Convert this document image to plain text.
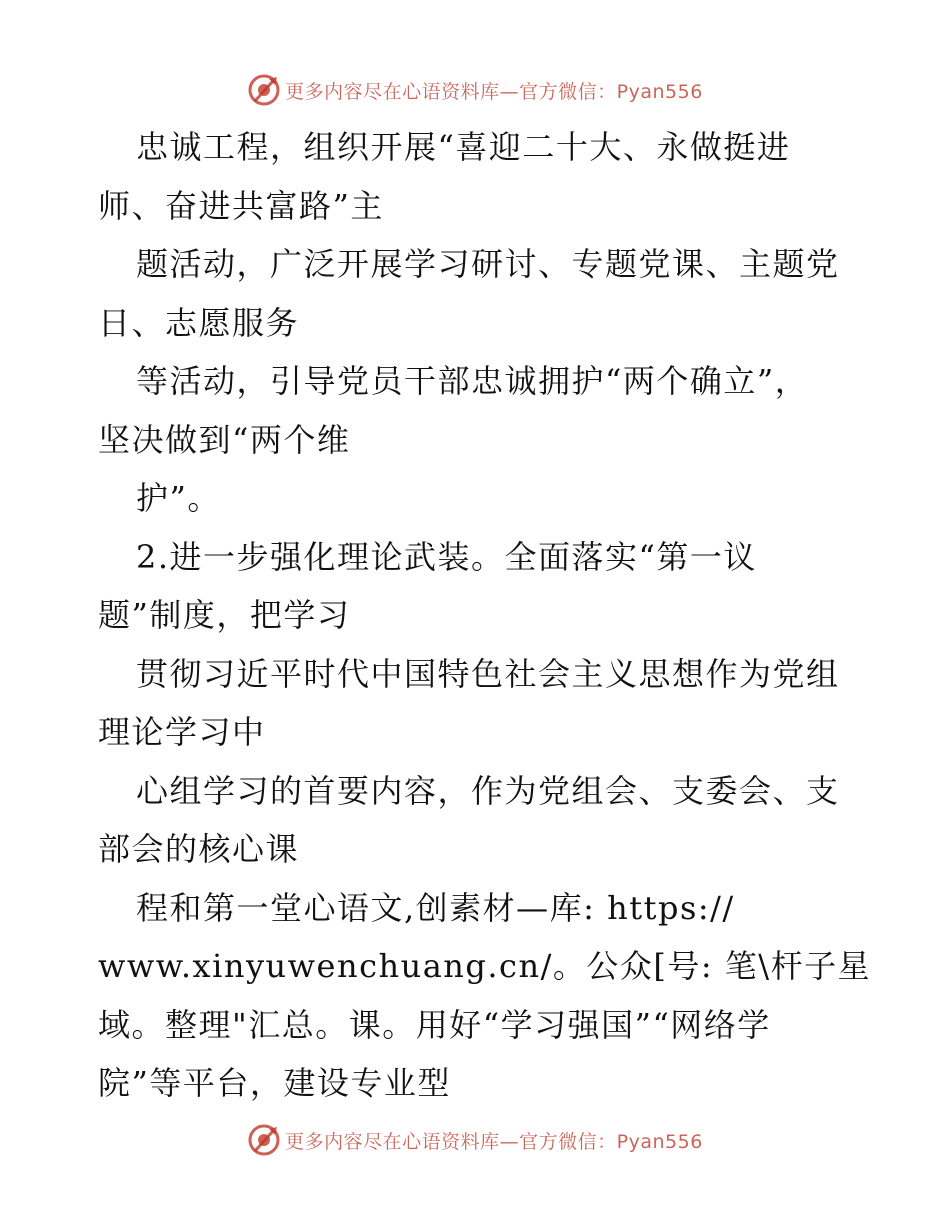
更多内容尽在心语资料库—官方微信：Pyan556
忠诚工程，组织开展“喜迎二十大、永做挺进
师、奋进共富路”主
题活动，广泛开展学习研讨、专题党课、主题党
日、志愿服务
等活动，引导党员干部忠诚拥护“两个确立”，
坚决做到“两个维
护”。
2.进一步强化理论武装。全面落实“第一议
题”制度，把学习
贯彻习近平时代中国特色社会主义思想作为党组
理论学习中
心组学习的首要内容，作为党组会、支委会、支
部会的核心课
程和第一堂心语文,创素材—库: https://
www.xinyuwenchuang.cn/。公众[号: 笔\杆子星
域。整理"汇总。课。用好“学习强国”“网络学
院”等平台，建设专业型
更多内容尽在心语资料库—官方微信：Pyan556
